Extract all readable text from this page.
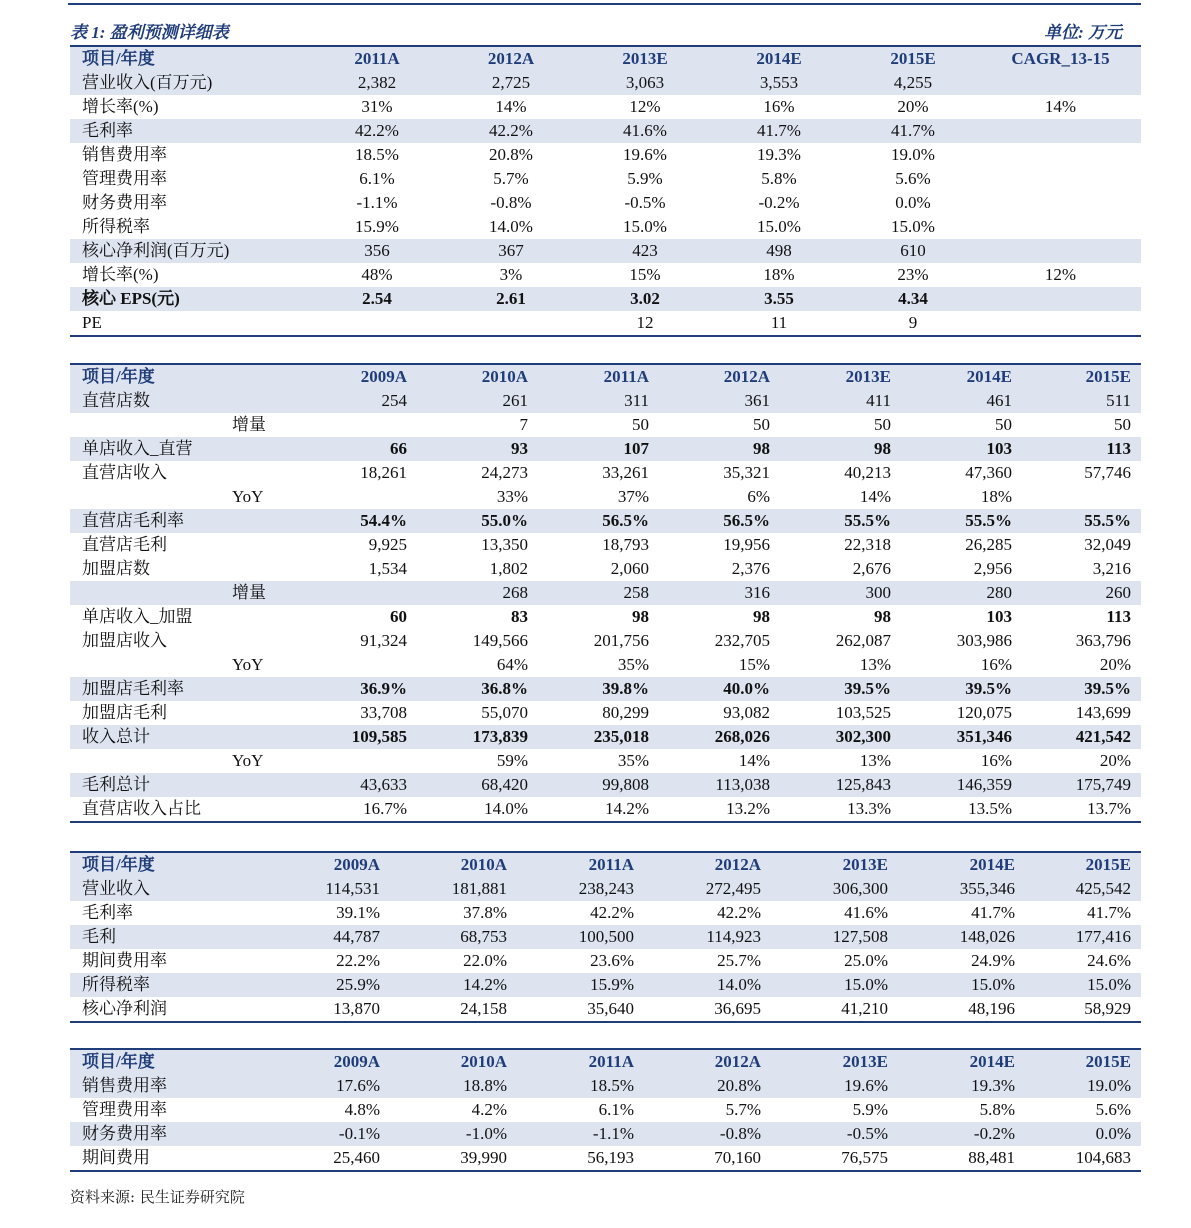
表 1: 盈利预测详细表	单位: 万元
项目/年度	2011A	2012A	2013E	2014E	2015E	CAGR_13-15
营业收入(百万元)	2,382	2,725	3,063	3,553	4,255	
增长率(%)	31%	14%	12%	16%	20%	14%
毛利率	42.2%	42.2%	41.6%	41.7%	41.7%	
销售费用率	18.5%	20.8%	19.6%	19.3%	19.0%	
管理费用率	6.1%	5.7%	5.9%	5.8%	5.6%	
财务费用率	-1.1%	-0.8%	-0.5%	-0.2%	0.0%	
所得税率	15.9%	14.0%	15.0%	15.0%	15.0%	
核心净利润(百万元)	356	367	423	498	610	
增长率(%)	48%	3%	15%	18%	23%	12%
核心 EPS(元)	2.54	2.61	3.02	3.55	4.34	
PE			12	11	9	
项目/年度	2009A	2010A	2011A	2012A	2013E	2014E	2015E
直营店数	254	261	311	361	411	461	511
增量		7	50	50	50	50	50
单店收入_直营	66	93	107	98	98	103	113
直营店收入	18,261	24,273	33,261	35,321	40,213	47,360	57,746
YoY		33%	37%	6%	14%	18%	
直营店毛利率	54.4%	55.0%	56.5%	56.5%	55.5%	55.5%	55.5%
直营店毛利	9,925	13,350	18,793	19,956	22,318	26,285	32,049
加盟店数	1,534	1,802	2,060	2,376	2,676	2,956	3,216
增量		268	258	316	300	280	260
单店收入_加盟	60	83	98	98	98	103	113
加盟店收入	91,324	149,566	201,756	232,705	262,087	303,986	363,796
YoY		64%	35%	15%	13%	16%	20%
加盟店毛利率	36.9%	36.8%	39.8%	40.0%	39.5%	39.5%	39.5%
加盟店毛利	33,708	55,070	80,299	93,082	103,525	120,075	143,699
收入总计	109,585	173,839	235,018	268,026	302,300	351,346	421,542
YoY		59%	35%	14%	13%	16%	20%
毛利总计	43,633	68,420	99,808	113,038	125,843	146,359	175,749
直营店收入占比	16.7%	14.0%	14.2%	13.2%	13.3%	13.5%	13.7%
项目/年度	2009A	2010A	2011A	2012A	2013E	2014E	2015E
营业收入	114,531	181,881	238,243	272,495	306,300	355,346	425,542
毛利率	39.1%	37.8%	42.2%	42.2%	41.6%	41.7%	41.7%
毛利	44,787	68,753	100,500	114,923	127,508	148,026	177,416
期间费用率	22.2%	22.0%	23.6%	25.7%	25.0%	24.9%	24.6%
所得税率	25.9%	14.2%	15.9%	14.0%	15.0%	15.0%	15.0%
核心净利润	13,870	24,158	35,640	36,695	41,210	48,196	58,929
项目/年度	2009A	2010A	2011A	2012A	2013E	2014E	2015E
销售费用率	17.6%	18.8%	18.5%	20.8%	19.6%	19.3%	19.0%
管理费用率	4.8%	4.2%	6.1%	5.7%	5.9%	5.8%	5.6%
财务费用率	-0.1%	-1.0%	-1.1%	-0.8%	-0.5%	-0.2%	0.0%
期间费用	25,460	39,990	56,193	70,160	76,575	88,481	104,683
资料来源: 民生证券研究院
